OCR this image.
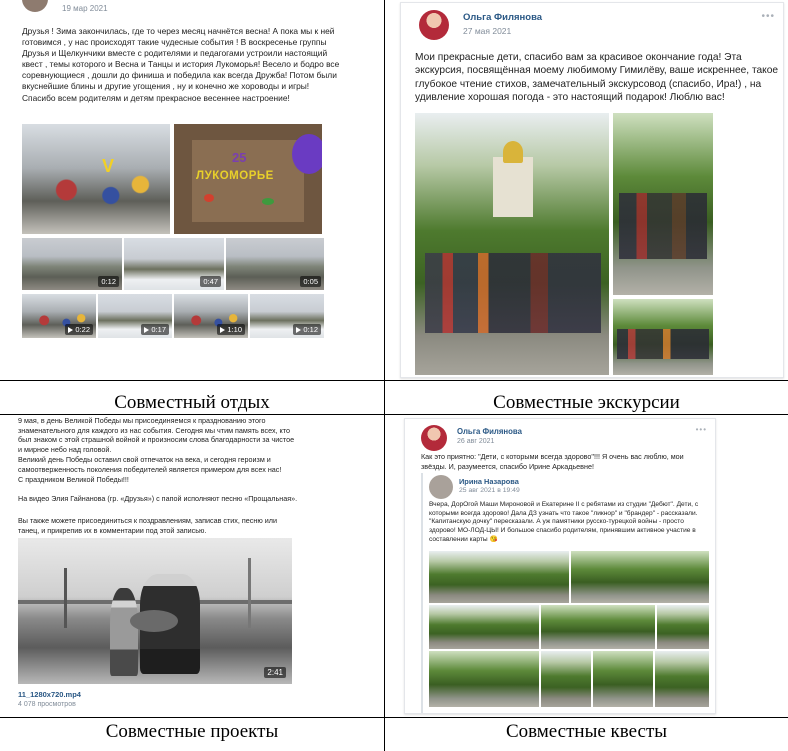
19 мар 2021
Друзья ! Зима закончилась, где то через месяц начнётся весна! А пока мы к ней готовимся , у нас происходят такие чудесные события ! В воскресенье группы Друзья и Щелкунчики вместе с родителями и педагогами устроили настоящий квест , темы которого и Весна и Танцы и история Лукоморья! Весело и бодро все соревнующиеся , дошли до финиша и победила как всегда Дружба! Потом были вкуснейшие блины и другие угощения , ну и конечно же хороводы и игры! Спасибо всем родителям и детям прекрасное весеннее настроение!
V	25
ЛУКОМОРЬЕ
0:12	0:47	0:05
0:22	0:17	1:10	0:12
Ольга Филянова
27 мая 2021
•••
Мои прекрасные дети, спасибо вам за красивое окончание года! Эта экскурсия, посвящённая моему любимому Гимилёву, ваше искреннее, такое глубокое чтение стихов, замечательный экскурсовод (спасибо, Ира!) , на удивление хорошая погода - это настоящий подарок! Люблю вас!
9 мая, в день Великой Победы мы присоединяемся к празднованию этого знаменательного для каждого из нас события. Сегодня мы чтим память всех, кто был знаком с этой страшной войной и произносим слова благодарности за чистое и мирное небо над головой.
Великий день Победы оставил свой отпечаток на века, и сегодня героизм и самоотверженность поколения победителей является примером для всех нас!
С праздником Великой Победы!!!
На видео Элия Гайнанова (гр. «Друзья») с папой исполняют песню «Прощальная».
Вы также можете присоединиться к поздравлениям, записав стих, песню или танец, и прикрепив их в комментарии под этой записью.
2:41
11_1280x720.mp4
4 078 просмотров
Ольга Филянова
26 авг 2021
•••
Как это приятно: "Дети, с которыми всегда здорово"!!! Я очень вас люблю, мои звёзды. И, разумеется, спасибо Ирине Аркадьевне!
Ирина Назарова
25 авг 2021 в 19:49
Вчера, ДорОгой Маши Мироновой и Екатерине II с ребятами из студии "Дебют". Дети, с которыми всегда здорово! Дала ДЗ узнать что такое "ликнор" и "брандер" - рассказали. "Капитанскую дочку" пересказали. А уж памятники русско-турецкой войны - просто здорово! МО-ЛОД-ЦЫ! И большое спасибо родителям, принявшим активное участие в составлении карты 😘
Совместный отдых	Совместные экскурсии
Совместные проекты	Совместные квесты
